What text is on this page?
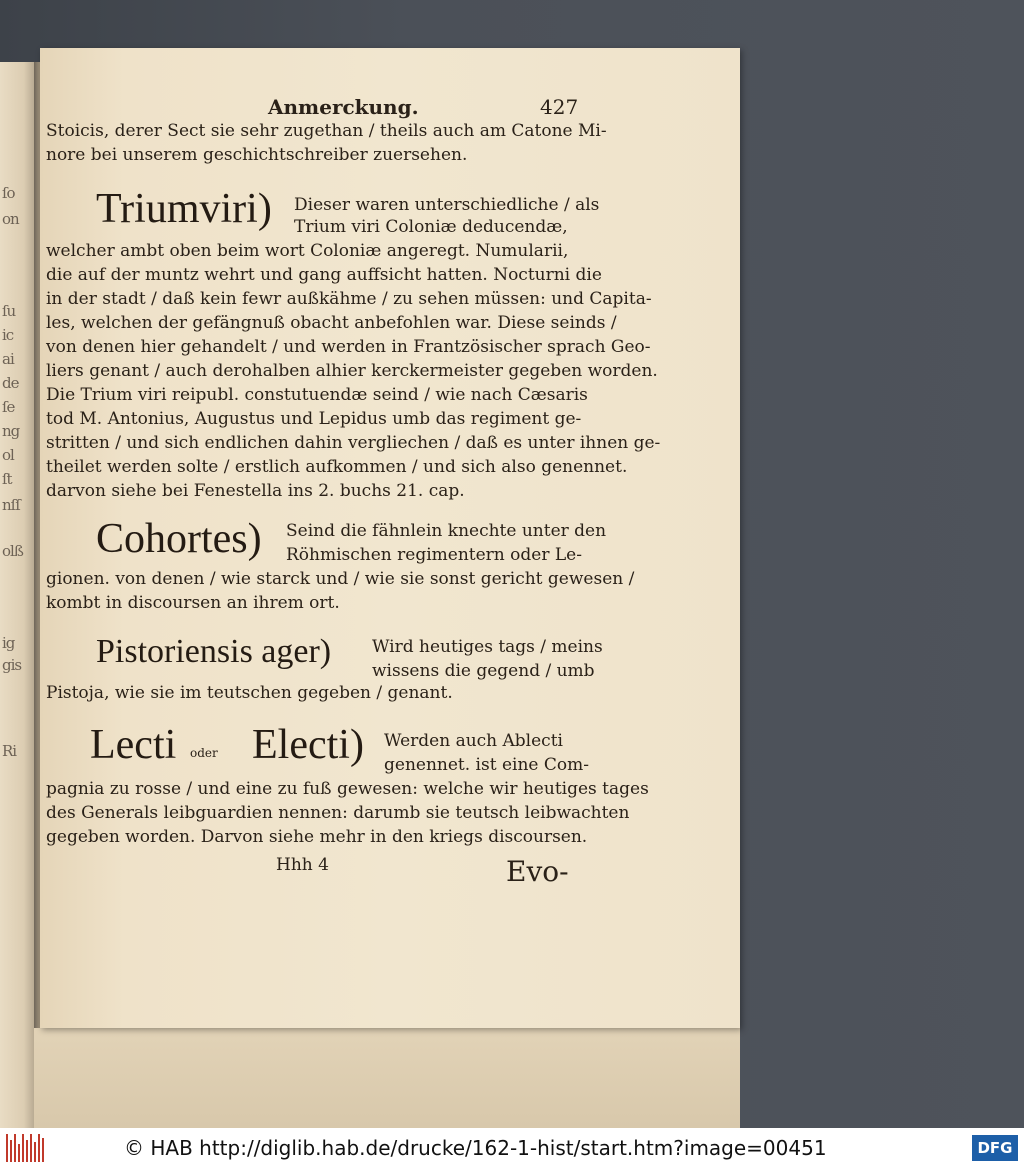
ſo
on
ſu
ic
ai
de
ſe
ng
ol
ſt
nſſ
olß
ig
gis
Ri
Anmerckung.	427
Stoicis, derer Sect sie sehr zugethan / theils auch am Catone Mi-
nore bei unserem geschichtschreiber zuersehen.
Triumviri) Dieser waren unterschiedliche / als
Trium viri Coloniæ deducendæ,
welcher ambt oben beim wort Coloniæ angeregt. Numularii,
die auf der muntz wehrt und gang auffsicht hatten. Nocturni die
in der stadt / daß kein fewr außkähme / zu sehen müssen: und Capita-
les, welchen der gefängnuß obacht anbefohlen war. Diese seinds /
von denen hier gehandelt / und werden in Frantzösischer sprach Geo-
liers genant / auch derohalben alhier kerckermeister gegeben worden.
Die Trium viri reipubl. constutuendæ seind / wie nach Cæsaris
tod M. Antonius, Augustus und Lepidus umb das regiment ge-
stritten / und sich endlichen dahin vergliechen / daß es unter ihnen ge-
theilet werden solte / erstlich aufkommen / und sich also genennet.
darvon siehe bei Fenestella ins 2. buchs 21. cap.
Cohortes) Seind die fähnlein knechte unter den
Röhmischen regimentern oder Le-
gionen. von denen / wie starck und / wie sie sonst gericht gewesen /
kombt in discoursen an ihrem ort.
Pistoriensis ager) Wird heutiges tags / meins
wissens die gegend / umb
Pistoja, wie sie im teutschen gegeben / genant.
Lecti oder Electi) Werden auch Ablecti
genennet. ist eine Com-
pagnia zu rosse / und eine zu fuß gewesen: welche wir heutiges tages
des Generals leibguardien nennen: darumb sie teutsch leibwachten
gegeben worden. Darvon siehe mehr in den kriegs discoursen.
Hhh 4	Evo-
© HAB http://diglib.hab.de/drucke/162-1-hist/start.htm?image=00451	DFG
